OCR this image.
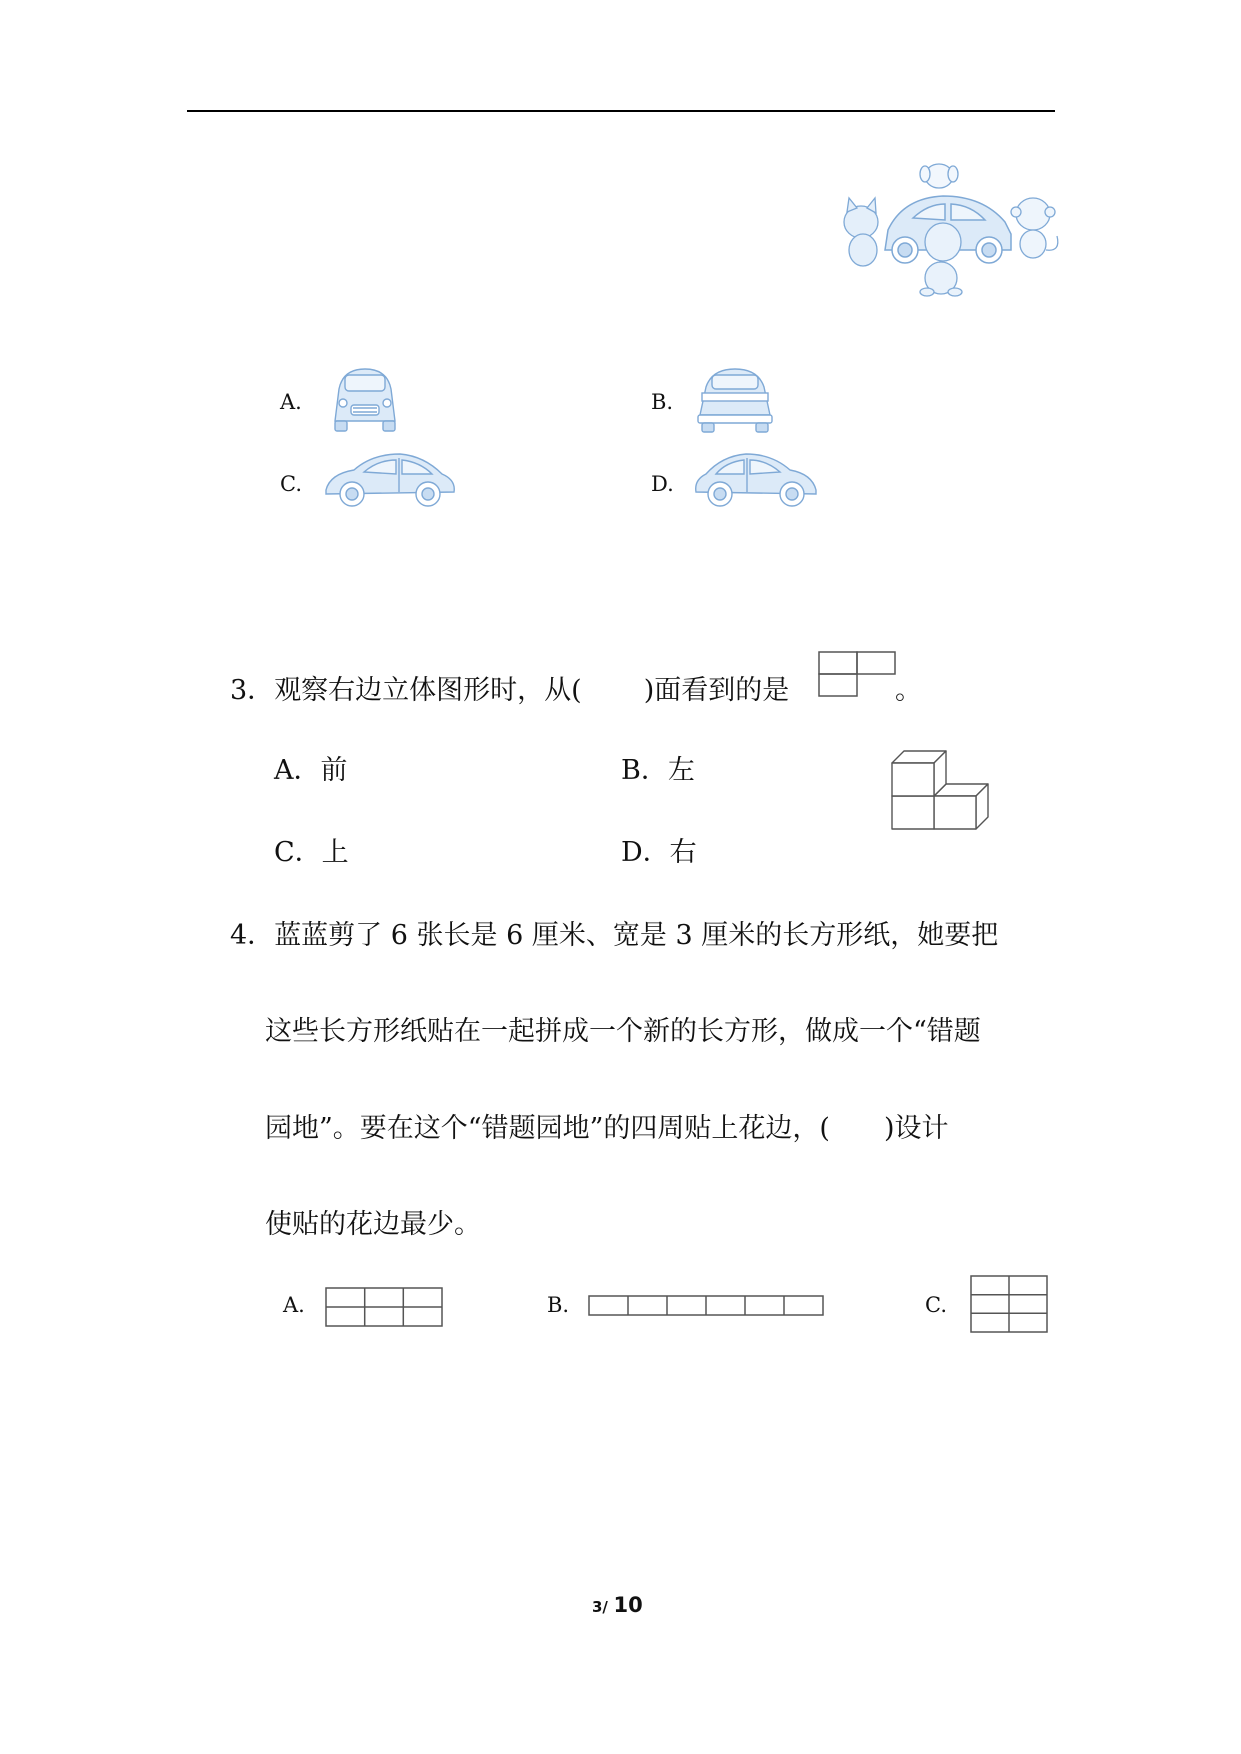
A.	B.
C.	D.
3．观察右边立体图形时，从( )面看到的是	。
A．前	B．左
C．上	D．右
4．蓝蓝剪了 6 张长是 6 厘米、宽是 3 厘米的长方形纸，她要把
这些长方形纸贴在一起拼成一个新的长方形，做成一个“错题
园地”。要在这个“错题园地”的四周贴上花边，(　　)设计
使贴的花边最少。
A.	B.	C.
3/ 10
